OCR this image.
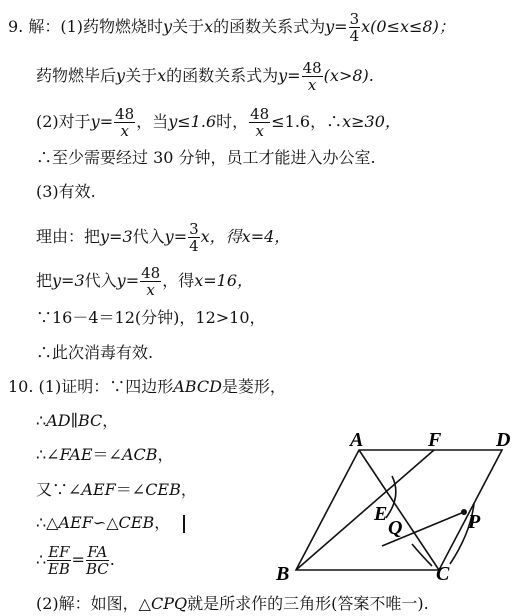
9. 解：(1)药物燃烧时y关于x的函数关系式为$y= \frac{3}{4} x(0\le x\le 8)$；
药物燃毕后y关于x的函数关系式为$y= \frac{48}{x} (x>8)$.
(2)对于$y= \frac{48}{x}$ ，当y≤1.6时， $\frac{48}{x} \le 1.6$，∴x≥30，
∴至少需要经过 30 分钟，员工才能进入办公室.
(3)有效.
理由：把y=3代入$y= \frac{3}{4}$ x，得x=4，
把y=3代入$y= \frac{48}{x}$ ，得x=16，
∵16－4＝12(分钟)，12>10，
∴此次消毒有效.
10. (1)证明：∵四边形ABCD是菱形，
∴AD∥BC，
∴∠FAE＝∠ACB，
又∵∠AEF＝∠CEB，
∴△AEF∽△CEB，
∴ $\frac{EF}{EB} = \frac{FA}{BC}$ .
(2)解：如图，△CPQ就是所求作的三角形(答案不唯一).
A	F	D
E
Q	P
B	C
